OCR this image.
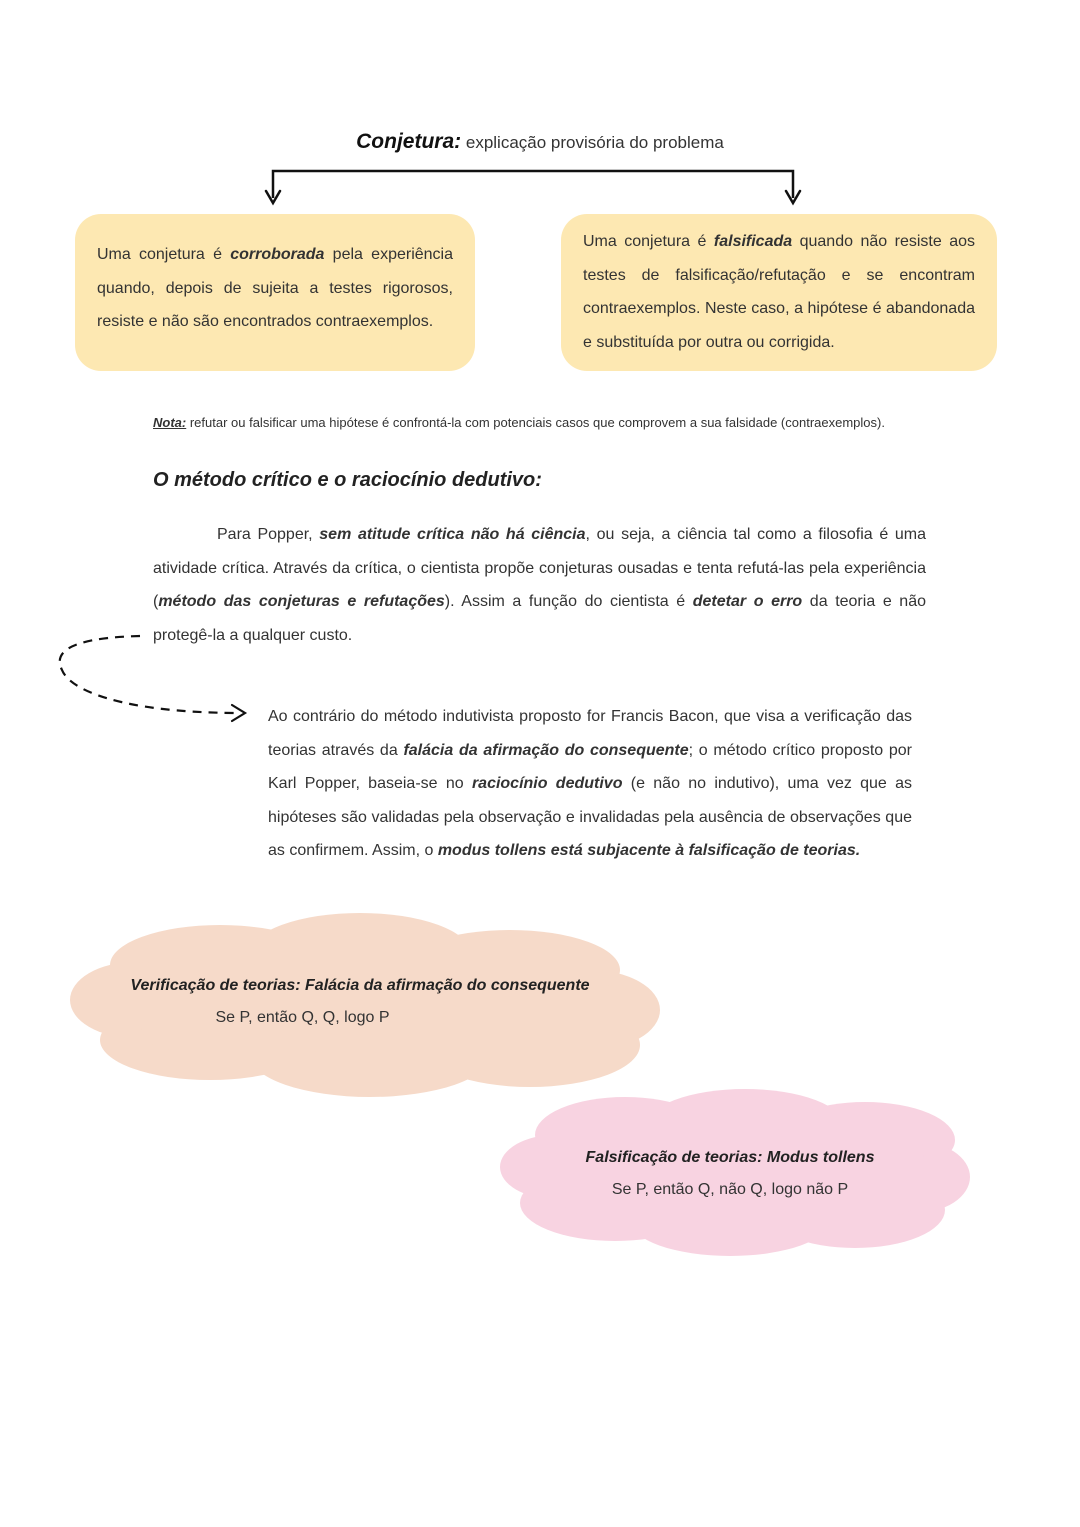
Conjetura: explicação provisória do problema

Uma conjetura é corroborada pela experiência quando, depois de sujeita a testes rigorosos, resiste e não são encontrados contraexemplos.

Uma conjetura é falsificada quando não resiste aos testes de falsificação/refutação e se encontram contraexemplos. Neste caso, a hipótese é abandonada e substituída por outra ou corrigida.

Nota: refutar ou falsificar uma hipótese é confrontá-la com potenciais casos que comprovem a sua falsidade (contraexemplos).
O método crítico e o raciocínio dedutivo:

Para Popper, sem atitude crítica não há ciência, ou seja, a ciência tal como a filosofia é uma atividade crítica. Através da crítica, o cientista propõe conjeturas ousadas e tenta refutá-las pela experiência (método das conjeturas e refutações). Assim a função do cientista é detetar o erro da teoria e não protegê-la a qualquer custo.

Ao contrário do método indutivista proposto for Francis Bacon, que visa a verificação das teorias através da falácia da afirmação do consequente; o método crítico proposto por Karl Popper, baseia-se no raciocínio dedutivo (e não no indutivo), uma vez que as hipóteses são validadas pela observação e invalidadas pela ausência de observações que as confirmem. Assim, o modus tollens está subjacente à falsificação de teorias.

Verificação de teorias: Falácia da afirmação do consequente
Se P, então Q, Q, logo P
Falsificação de teorias: Modus tollens
Se P, então Q, não Q, logo não P
